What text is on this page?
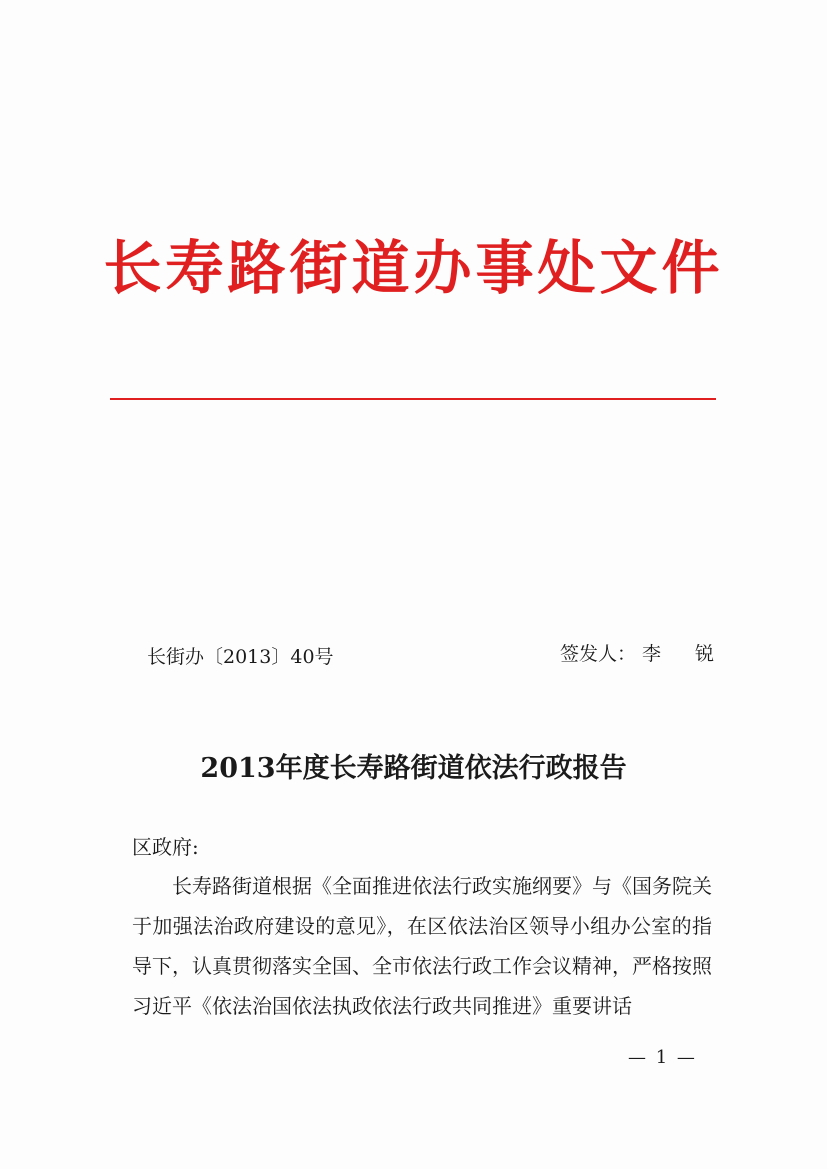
长寿路街道办事处文件
长街办〔2013〕40号	签发人： 李 锐
2013年度长寿路街道依法行政报告
区政府:
长寿路街道根据《全面推进依法行政实施纲要》与《国务院关于加强法治政府建设的意见》，在区依法治区领导小组办公室的指导下，认真贯彻落实全国、全市依法行政工作会议精神，严格按照习近平《依法治国依法执政依法行政共同推进》重要讲话
— 1 —
